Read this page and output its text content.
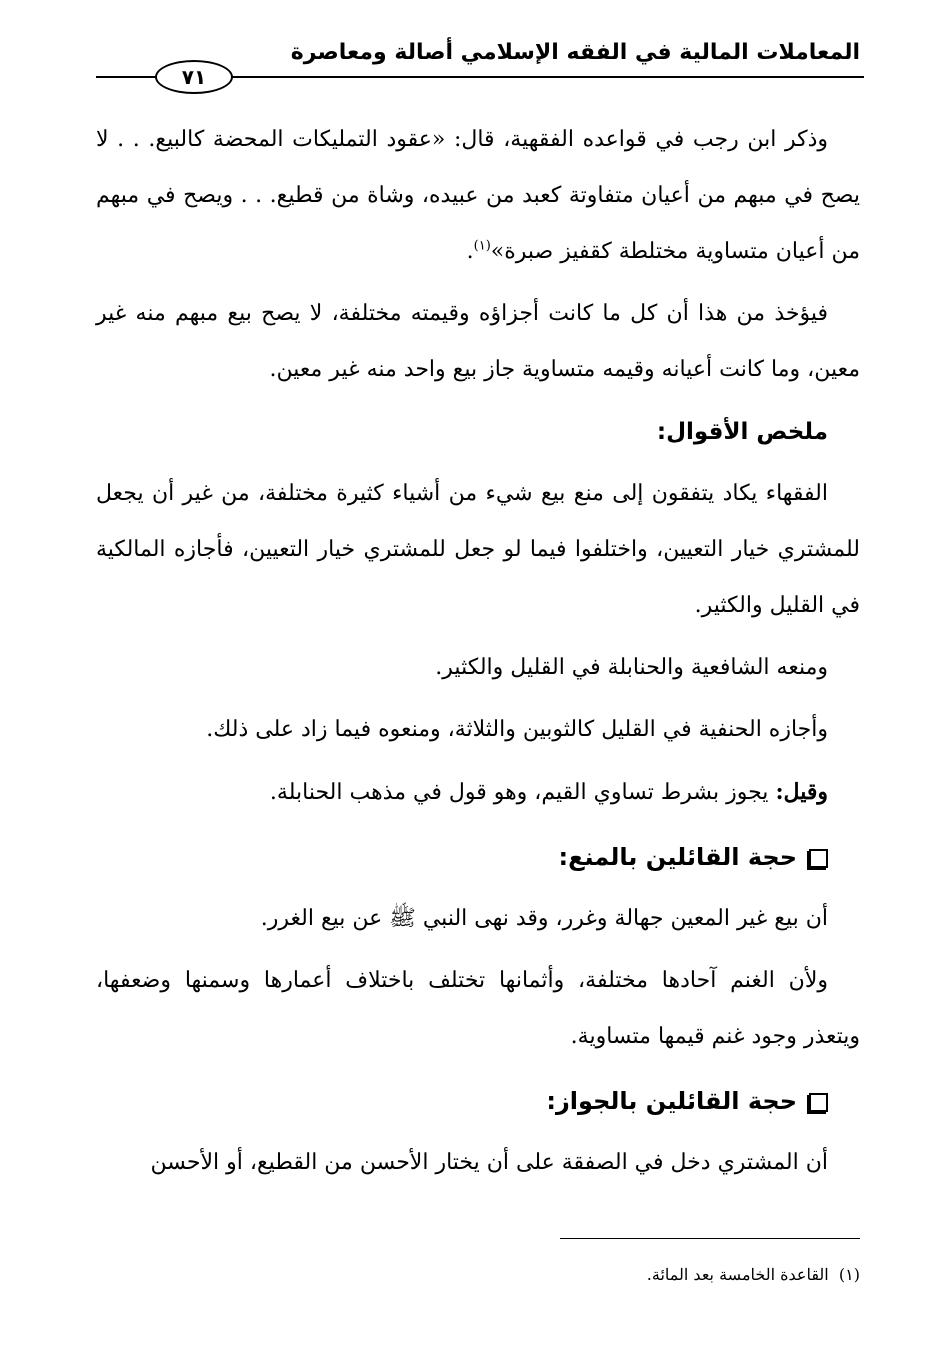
المعاملات المالية في الفقه الإسلامي أصالة ومعاصرة
٧١

وذكر ابن رجب في قواعده الفقهية، قال: «عقود التمليكات المحضة كالبيع. . . لا يصح في مبهم من أعيان متفاوتة كعبد من عبيده، وشاة من قطيع. . . ويصح في مبهم من أعيان متساوية مختلطة كقفيز صبرة»$^{(١)}$.

فيؤخذ من هذا أن كل ما كانت أجزاؤه وقيمته مختلفة، لا يصح بيع مبهم منه غير معين، وما كانت أعيانه وقيمه متساوية جاز بيع واحد منه غير معين.

ملخص الأقوال:

الفقهاء يكاد يتفقون إلى منع بيع شيء من أشياء كثيرة مختلفة، من غير أن يجعل للمشتري خيار التعيين، واختلفوا فيما لو جعل للمشتري خيار التعيين، فأجازه المالكية في القليل والكثير.

ومنعه الشافعية والحنابلة في القليل والكثير.

وأجازه الحنفية في القليل كالثوبين والثلاثة، ومنعوه فيما زاد على ذلك.

وقيل: يجوز بشرط تساوي القيم، وهو قول في مذهب الحنابلة.

حجة القائلين بالمنع:

أن بيع غير المعين جهالة وغرر، وقد نهى النبي ﷺ عن بيع الغرر.

ولأن الغنم آحادها مختلفة، وأثمانها تختلف باختلاف أعمارها وسمنها وضعفها، ويتعذر وجود غنم قيمها متساوية.

حجة القائلين بالجواز:

أن المشتري دخل في الصفقة على أن يختار الأحسن من القطيع، أو الأحسن

(١)  القاعدة الخامسة بعد المائة.
